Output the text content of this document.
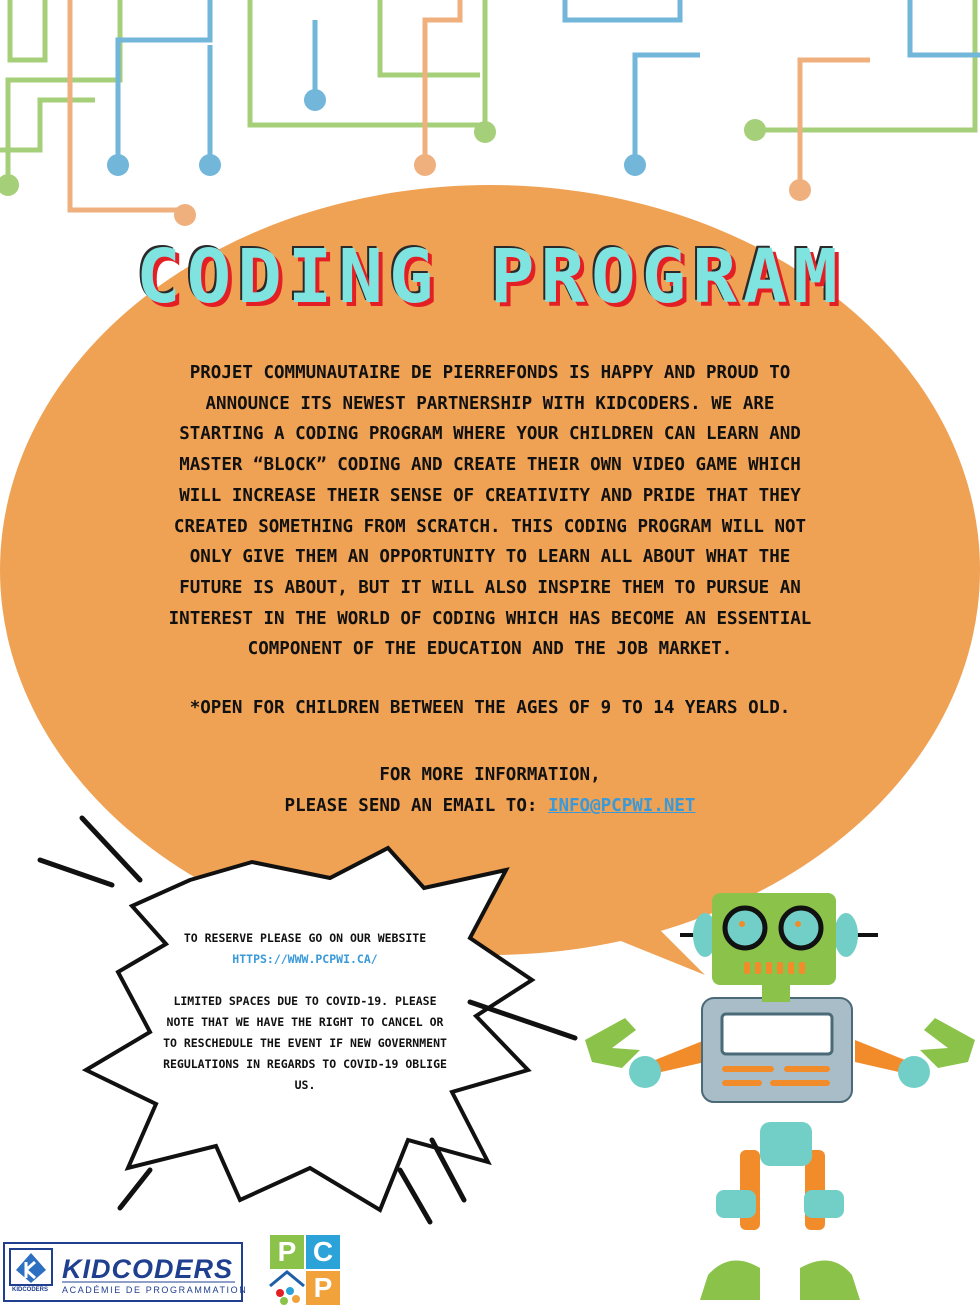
CODING PROGRAM

PROJET COMMUNAUTAIRE DE PIERREFONDS IS HAPPY AND PROUD TO ANNOUNCE ITS NEWEST PARTNERSHIP WITH KIDCODERS. WE ARE STARTING A CODING PROGRAM WHERE YOUR CHILDREN CAN LEARN AND MASTER “BLOCK” CODING AND CREATE THEIR OWN VIDEO GAME WHICH WILL INCREASE THEIR SENSE OF CREATIVITY AND PRIDE THAT THEY CREATED SOMETHING FROM SCRATCH. THIS CODING PROGRAM WILL NOT ONLY GIVE THEM AN OPPORTUNITY TO LEARN ALL ABOUT WHAT THE FUTURE IS ABOUT, BUT IT WILL ALSO INSPIRE THEM TO PURSUE AN INTEREST IN THE WORLD OF CODING WHICH HAS BECOME AN ESSENTIAL COMPONENT OF THE EDUCATION AND THE JOB MARKET.

*OPEN FOR CHILDREN BETWEEN THE AGES OF 9 TO 14 YEARS OLD.

FOR MORE INFORMATION,
PLEASE SEND AN EMAIL TO: INFO@PCPWI.NET
TO RESERVE PLEASE GO ON OUR WEBSITE
HTTPS://WWW.PCPWI.CA/
LIMITED SPACES DUE TO COVID-19. PLEASE NOTE THAT WE HAVE THE RIGHT TO CANCEL OR TO RESCHEDULE THE EVENT IF NEW GOVERNMENT REGULATIONS IN REGARDS TO COVID-19 OBLIGE US.
KIDCODERS
ACADÉMIE DE PROGRAMMATION
KIDCODERS
P C
P
